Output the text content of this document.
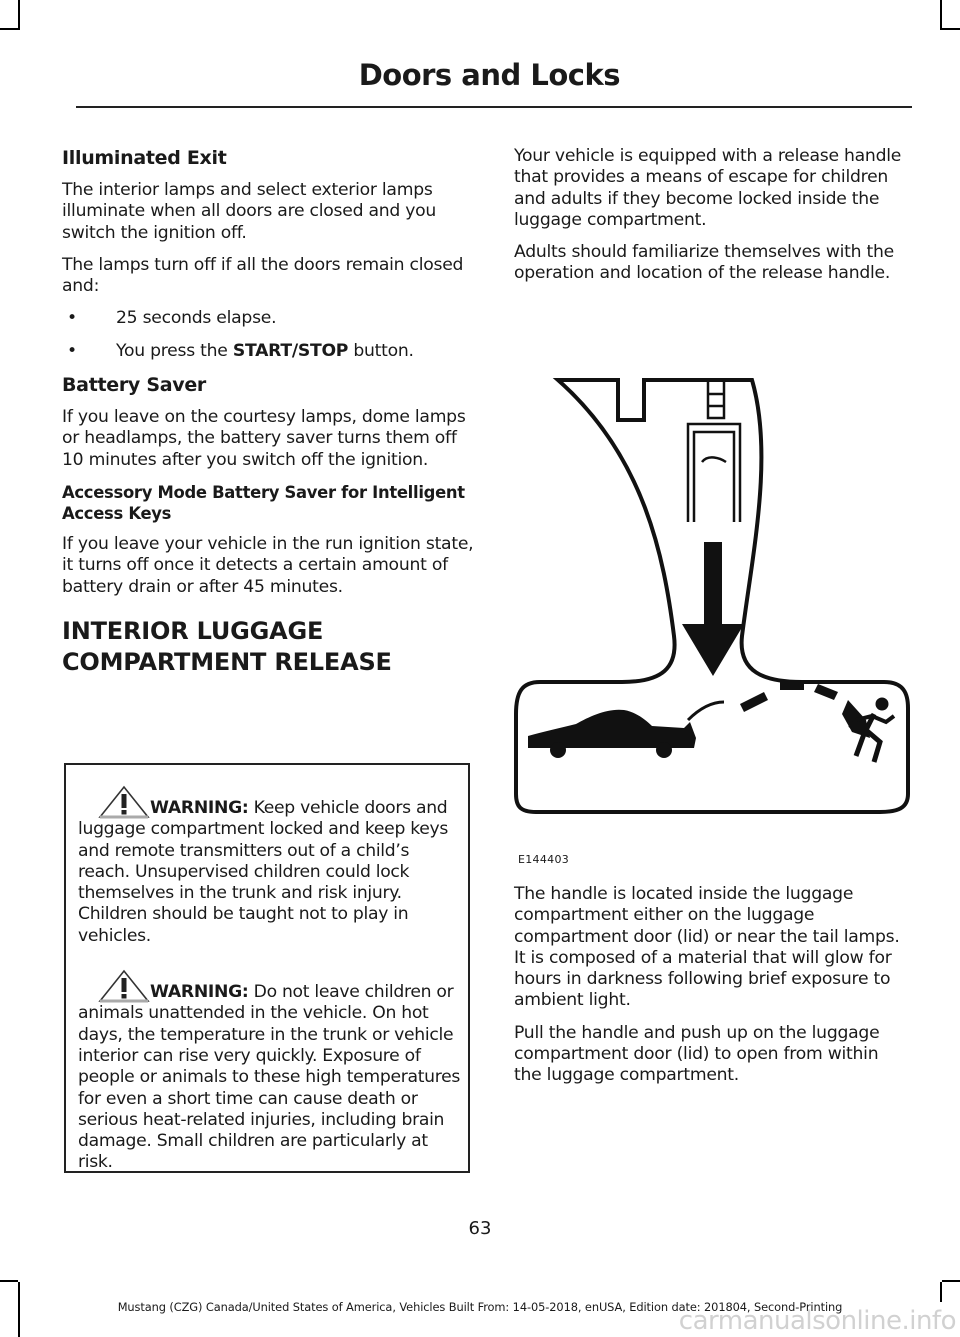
Doors and Locks
Illuminated Exit

The interior lamps and select exterior lamps illuminate when all doors are closed and you switch the ignition off.

The lamps turn off if all the doors remain closed and:

• 25 seconds elapse.
• You press the START/STOP button.
Battery Saver

If you leave on the courtesy lamps, dome lamps or headlamps, the battery saver turns them off 10 minutes after you switch off the ignition.

Accessory Mode Battery Saver for Intelligent Access Keys

If you leave your vehicle in the run ignition state, it turns off once it detects a certain amount of battery drain or after 45 minutes.

INTERIOR LUGGAGE
COMPARTMENT RELEASE

WARNING: Keep vehicle doors and luggage compartment locked and keep keys and remote transmitters out of a child’s reach. Unsupervised children could lock themselves in the trunk and risk injury. Children should be taught not to play in vehicles.

WARNING: Do not leave children or animals unattended in the vehicle. On hot days, the temperature in the trunk or vehicle interior can rise very quickly. Exposure of people or animals to these high temperatures for even a short time can cause death or serious heat-related injuries, including brain damage. Small children are particularly at risk.

Your vehicle is equipped with a release handle that provides a means of escape for children and adults if they become locked inside the luggage compartment.

Adults should familiarize themselves with the operation and location of the release handle.

E144403

The handle is located inside the luggage compartment either on the luggage compartment door (lid) or near the tail lamps. It is composed of a material that will glow for hours in darkness following brief exposure to ambient light.

Pull the handle and push up on the luggage compartment door (lid) to open from within the luggage compartment.

63
Mustang (CZG) Canada/United States of America, Vehicles Built From: 14-05-2018, enUSA, Edition date: 201804, Second-Printing
carmanualsonline.info
